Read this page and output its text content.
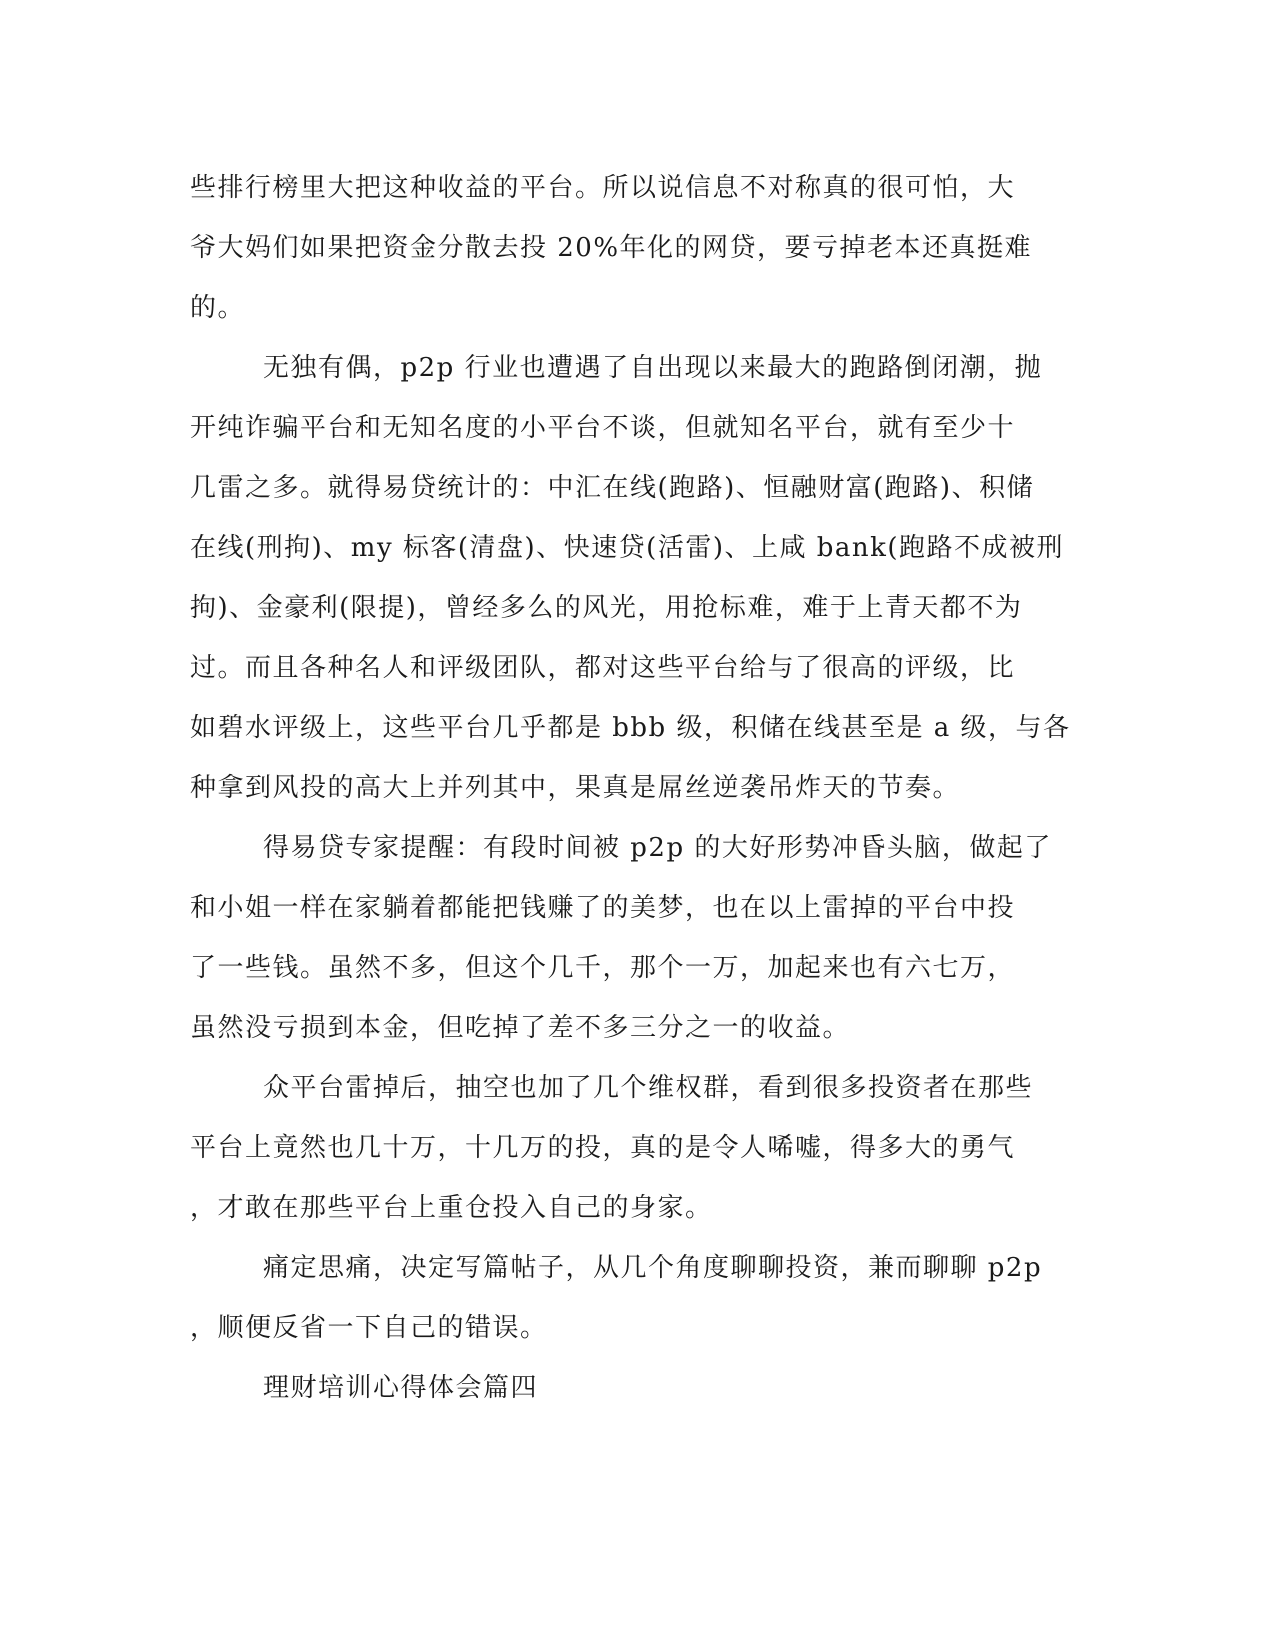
些排行榜里大把这种收益的平台。所以说信息不对称真的很可怕，大
爷大妈们如果把资金分散去投 20%年化的网贷，要亏掉老本还真挺难
的。
无独有偶，p2p 行业也遭遇了自出现以来最大的跑路倒闭潮，抛
开纯诈骗平台和无知名度的小平台不谈，但就知名平台，就有至少十
几雷之多。就得易贷统计的：中汇在线(跑路)、恒融财富(跑路)、积储
在线(刑拘)、my 标客(清盘)、快速贷(活雷)、上咸 bank(跑路不成被刑
拘)、金豪利(限提)，曾经多么的风光，用抢标难，难于上青天都不为
过。而且各种名人和评级团队，都对这些平台给与了很高的评级，比
如碧水评级上，这些平台几乎都是 bbb 级，积储在线甚至是 a 级，与各
种拿到风投的高大上并列其中，果真是屌丝逆袭吊炸天的节奏。
得易贷专家提醒：有段时间被 p2p 的大好形势冲昏头脑，做起了
和小姐一样在家躺着都能把钱赚了的美梦，也在以上雷掉的平台中投
了一些钱。虽然不多，但这个几千，那个一万，加起来也有六七万，
虽然没亏损到本金，但吃掉了差不多三分之一的收益。
众平台雷掉后，抽空也加了几个维权群，看到很多投资者在那些
平台上竟然也几十万，十几万的投，真的是令人唏嘘，得多大的勇气
，才敢在那些平台上重仓投入自己的身家。
痛定思痛，决定写篇帖子，从几个角度聊聊投资，兼而聊聊 p2p
，顺便反省一下自己的错误。
理财培训心得体会篇四
